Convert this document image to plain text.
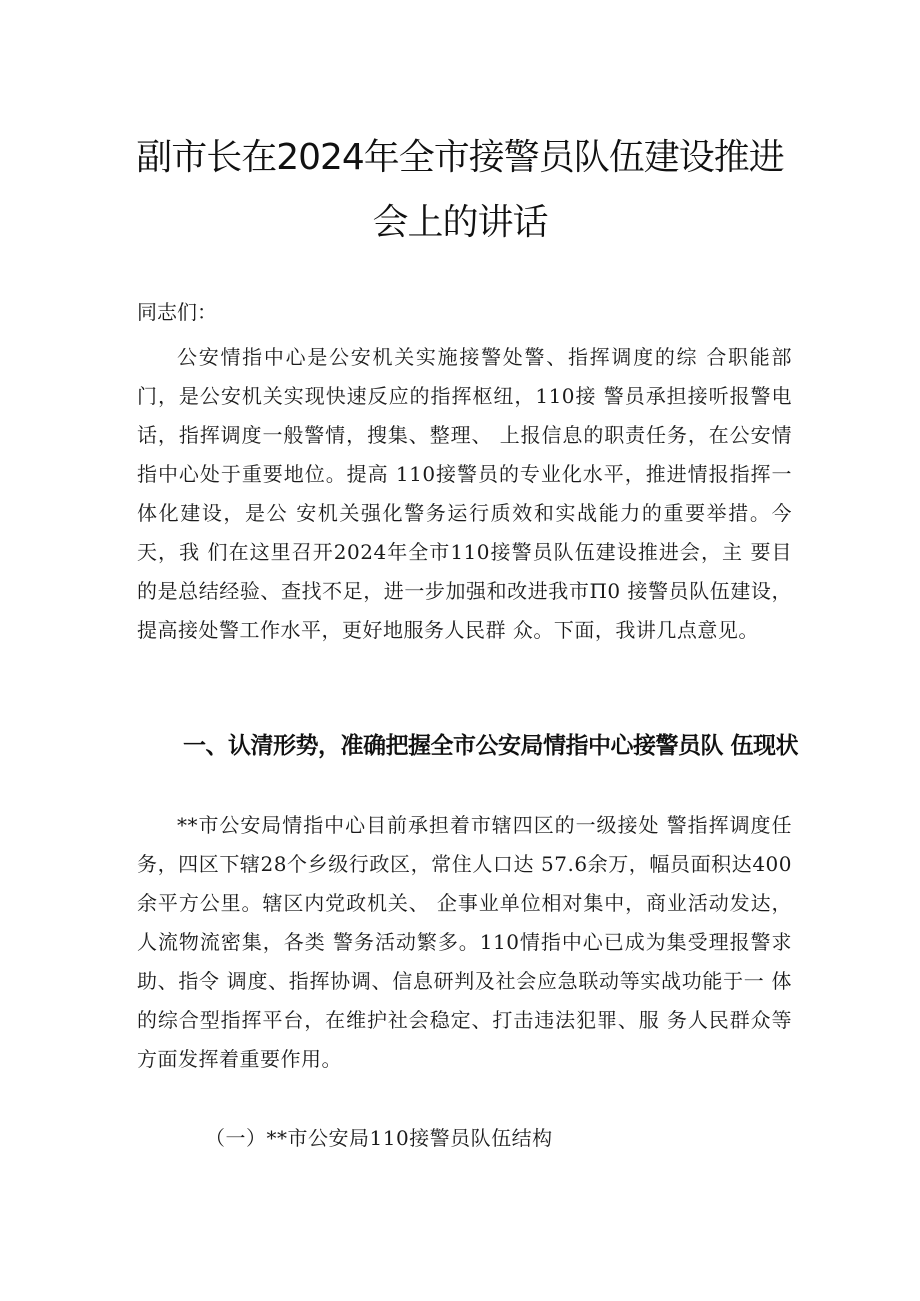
副市长在2024年全市接警员队伍建设推进
会上的讲话

同志们：

公安情指中心是公安机关实施接警处警、指挥调度的综 合职能部门，是公安机关实现快速反应的指挥枢纽，110接 警员承担接听报警电话，指挥调度一般警情，搜集、整理、 上报信息的职责任务，在公安情指中心处于重要地位。提高 110接警员的专业化水平，推进情报指挥一体化建设，是公 安机关强化警务运行质效和实战能力的重要举措。今天，我 们在这里召开2024年全市110接警员队伍建设推进会，主 要目的是总结经验、查找不足，进一步加强和改进我市Π0 接警员队伍建设，提高接处警工作水平，更好地服务人民群 众。下面，我讲几点意见。

一、认清形势，准确把握全市公安局情指中心接警员队 伍现状

**市公安局情指中心目前承担着市辖四区的一级接处 警指挥调度任务，四区下辖28个乡级行政区，常住人口达 57.6余万，幅员面积达400余平方公里。辖区内党政机关、 企事业单位相对集中，商业活动发达，人流物流密集，各类 警务活动繁多。110情指中心已成为集受理报警求助、指令 调度、指挥协调、信息研判及社会应急联动等实战功能于一 体的综合型指挥平台，在维护社会稳定、打击违法犯罪、服 务人民群众等方面发挥着重要作用。

（一）**市公安局110接警员队伍结构
